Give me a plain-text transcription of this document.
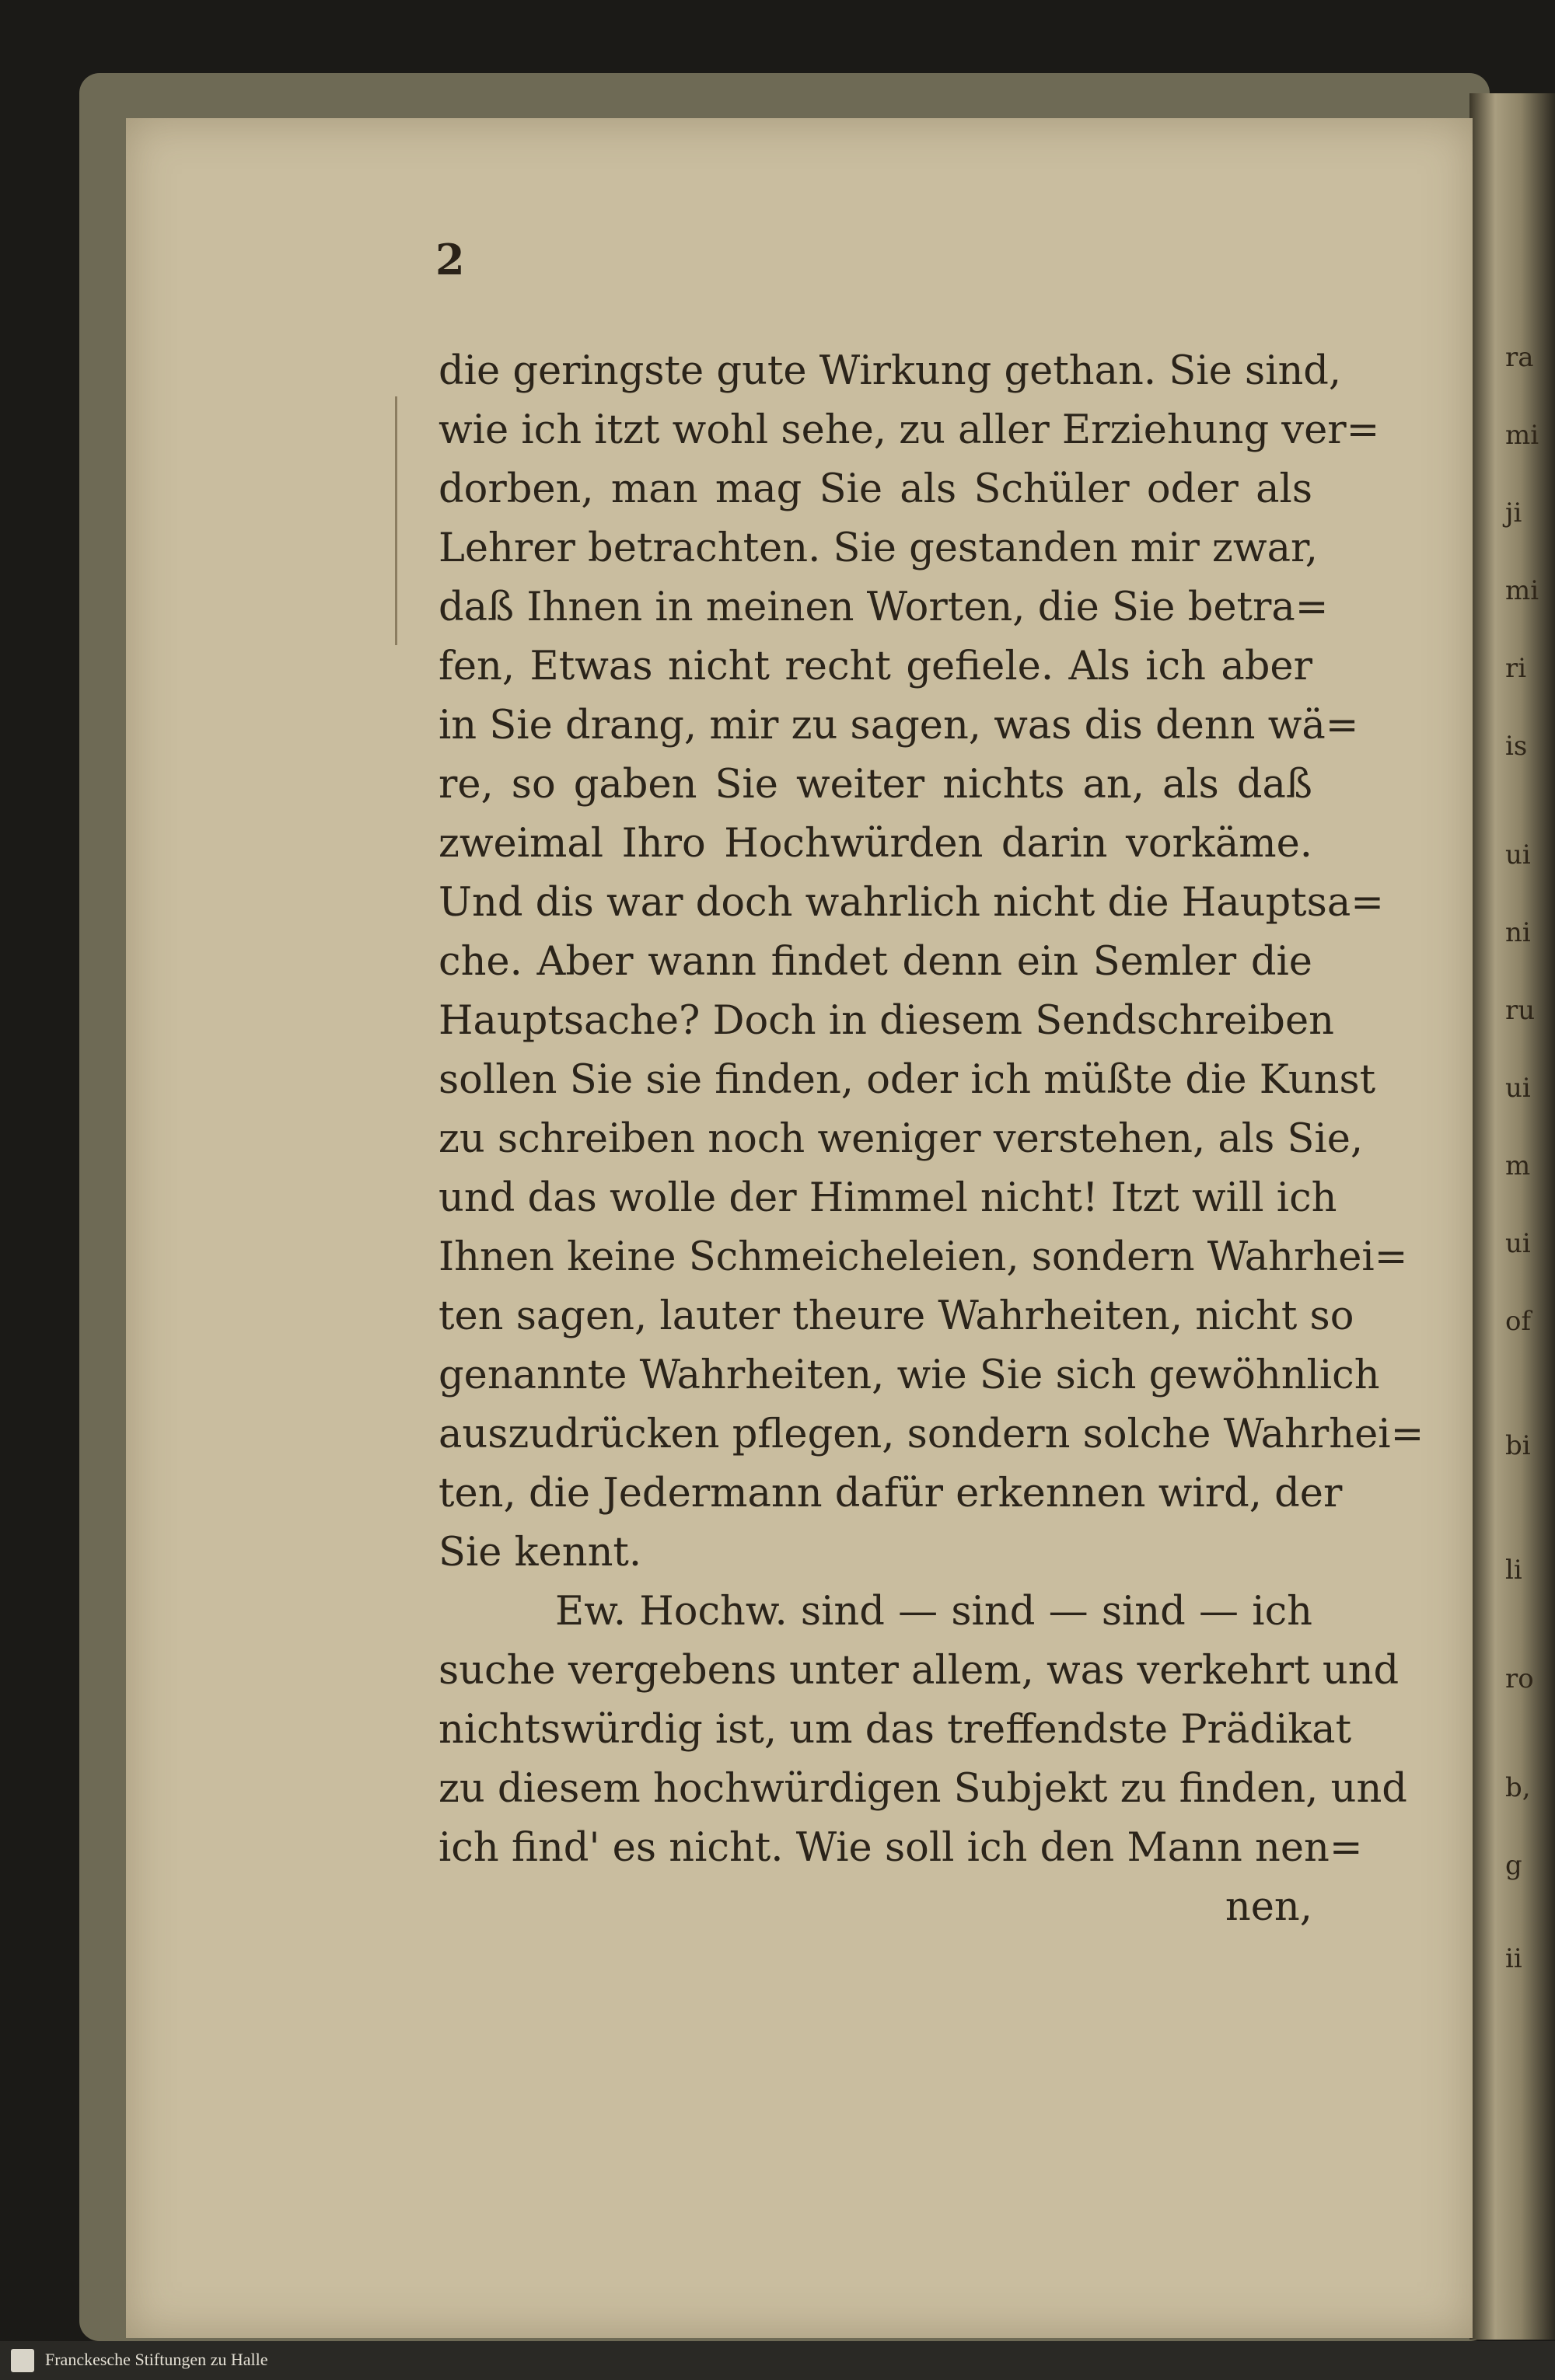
ra
mi
ji
mi
ri
is
ui
ni
ru
ui
m
ui
of
bi
li
ro
b,
g
ii
2
die geringste gute Wirkung gethan. Sie sind,
wie ich itzt wohl sehe, zu aller Erziehung ver=
dorben, man mag Sie als Schüler oder als
Lehrer betrachten. Sie gestanden mir zwar,
daß Ihnen in meinen Worten, die Sie betra=
fen, Etwas nicht recht gefiele. Als ich aber
in Sie drang, mir zu sagen, was dis denn wä=
re, so gaben Sie weiter nichts an, als daß
zweimal Ihro Hochwürden darin vorkäme.
Und dis war doch wahrlich nicht die Hauptsa=
che. Aber wann findet denn ein Semler die
Hauptsache? Doch in diesem Sendschreiben
sollen Sie sie finden, oder ich müßte die Kunst
zu schreiben noch weniger verstehen, als Sie,
und das wolle der Himmel nicht! Itzt will ich
Ihnen keine Schmeicheleien, sondern Wahrhei=
ten sagen, lauter theure Wahrheiten, nicht so
genannte Wahrheiten, wie Sie sich gewöhnlich
auszudrücken pflegen, sondern solche Wahrhei=
ten, die Jedermann dafür erkennen wird, der
Sie kennt.
Ew. Hochw. sind — sind — sind — ich
suche vergebens unter allem, was verkehrt und
nichtswürdig ist, um das treffendste Prädikat
zu diesem hochwürdigen Subjekt zu finden, und
ich find' es nicht. Wie soll ich den Mann nen=
nen,
Franckesche Stiftungen zu Halle
